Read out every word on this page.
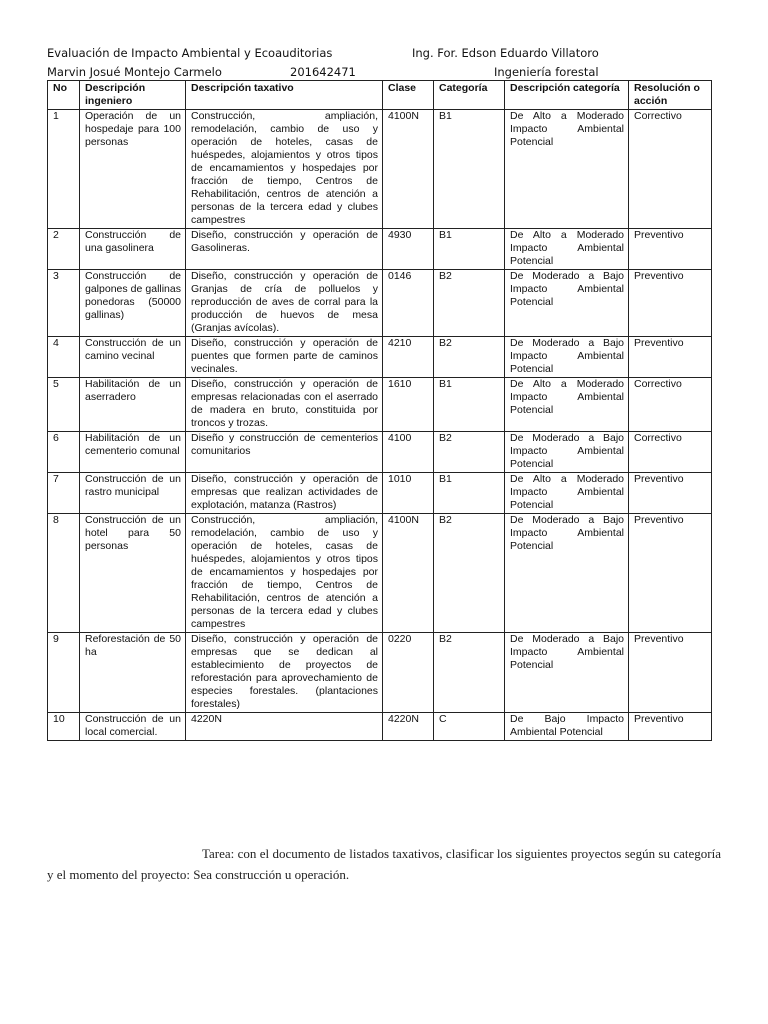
Evaluación de Impacto Ambiental y Ecoauditorias	Ing. For. Edson Eduardo Villatoro
Marvin Josué Montejo Carmelo	201642471	Ingeniería forestal
No	Descripción ingeniero	Descripción taxativo	Clase	Categoría	Descripción categoría	Resolución o acción
1	Operación de un hospedaje para 100 personas	Construcción, ampliación, remodelación, cambio de uso y operación de hoteles, casas de huéspedes, alojamientos y otros tipos de encamamientos y hospedajes por fracción de tiempo, Centros de Rehabilitación, centros de atención a personas de la tercera edad y clubes campestres	4100N	B1	De Alto a Moderado Impacto Ambiental Potencial	Correctivo
2	Construcción de una gasolinera	Diseño, construcción y operación de Gasolineras.	4930	B1	De Alto a Moderado Impacto Ambiental Potencial	Preventivo
3	Construcción de galpones de gallinas ponedoras (50000 gallinas)	Diseño, construcción y operación de Granjas de cría de polluelos y reproducción de aves de corral para la producción de huevos de mesa (Granjas avícolas).	0146	B2	De Moderado a Bajo Impacto Ambiental Potencial	Preventivo
4	Construcción de un camino vecinal	Diseño, construcción y operación de puentes que formen parte de caminos vecinales.	4210	B2	De Moderado a Bajo Impacto Ambiental Potencial	Preventivo
5	Habilitación de un aserradero	Diseño, construcción y operación de empresas relacionadas con el aserrado de madera en bruto, constituida por troncos y trozas.	1610	B1	De Alto a Moderado Impacto Ambiental Potencial	Correctivo
6	Habilitación de un cementerio comunal	Diseño y construcción de cementerios comunitarios	4100	B2	De Moderado a Bajo Impacto Ambiental Potencial	Correctivo
7	Construcción de un rastro municipal	Diseño, construcción y operación de empresas que realizan actividades de explotación, matanza (Rastros)	1010	B1	De Alto a Moderado Impacto Ambiental Potencial	Preventivo
8	Construcción de un hotel para 50 personas	Construcción, ampliación, remodelación, cambio de uso y operación de hoteles, casas de huéspedes, alojamientos y otros tipos de encamamientos y hospedajes por fracción de tiempo, Centros de Rehabilitación, centros de atención a personas de la tercera edad y clubes campestres	4100N	B2	De Moderado a Bajo Impacto Ambiental Potencial	Preventivo
9	Reforestación de 50 ha	Diseño, construcción y operación de empresas que se dedican al establecimiento de proyectos de reforestación para aprovechamiento de especies forestales. (plantaciones forestales)	0220	B2	De Moderado a Bajo Impacto Ambiental Potencial	Preventivo
10	Construcción de un local comercial.	4220N	4220N	C	De Bajo Impacto Ambiental Potencial	Preventivo

Tarea: con el documento de listados taxativos, clasificar los siguientes proyectos según su categoría y el momento del proyecto: Sea construcción u operación.
